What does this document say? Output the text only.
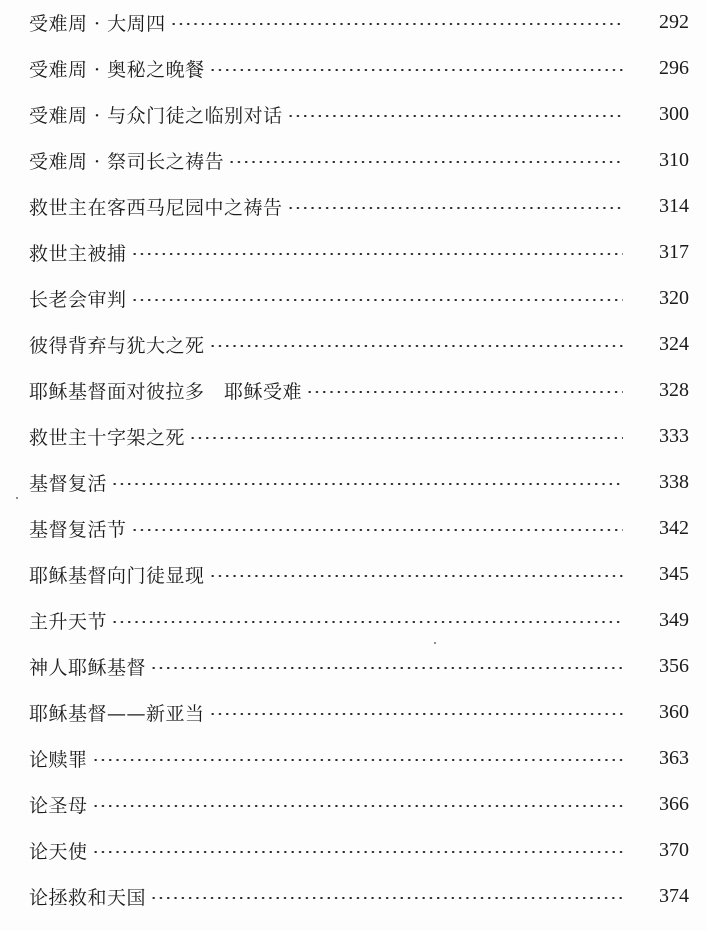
受难周 · 大周四	292
受难周 · 奥秘之晚餐	296
受难周 · 与众门徒之临别对话	300
受难周 · 祭司长之祷告	310
救世主在客西马尼园中之祷告	314
救世主被捕	317
长老会审判	320
彼得背弃与犹大之死	324
耶稣基督面对彼拉多　耶稣受难	328
救世主十字架之死	333
基督复活	338
基督复活节	342
耶稣基督向门徒显现	345
主升天节	349
神人耶稣基督	356
耶稣基督——新亚当	360
论赎罪	363
论圣母	366
论天使	370
论拯救和天国	374
